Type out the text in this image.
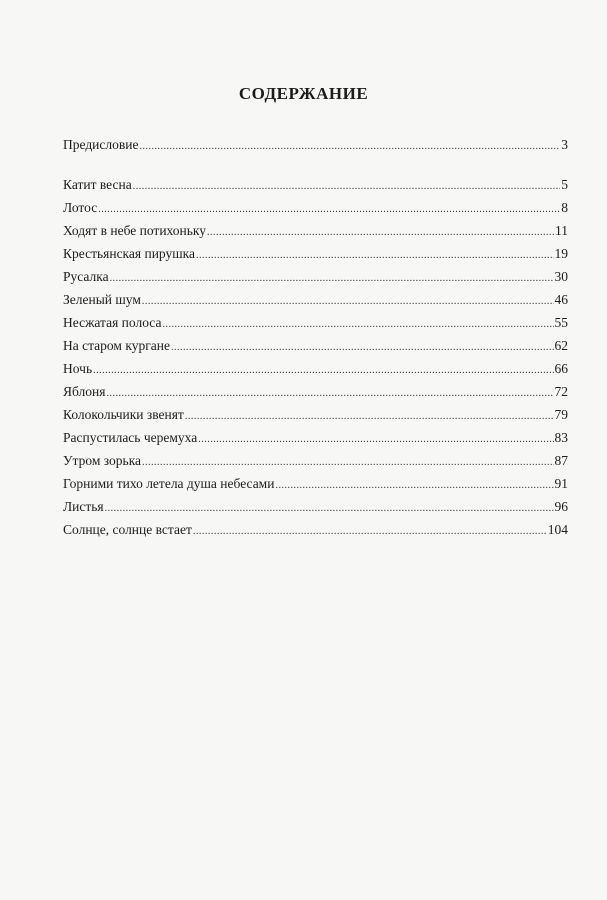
СОДЕРЖАНИЕ
Предисловие .....	3
Катит весна .....	5
Лотос .....	8
Ходят в небе потихоньку .....	11
Крестьянская пирушка .....	19
Русалка .....	30
Зеленый шум .....	46
Несжатая полоса .....	55
На старом кургане .....	62
Ночь .....	66
Яблоня .....	72
Колокольчики звенят .....	79
Распустилась черемуха .....	83
Утром зорька .....	87
Горними тихо летела душа небесами .....	91
Листья .....	96
Солнце, солнце встает .....	104
